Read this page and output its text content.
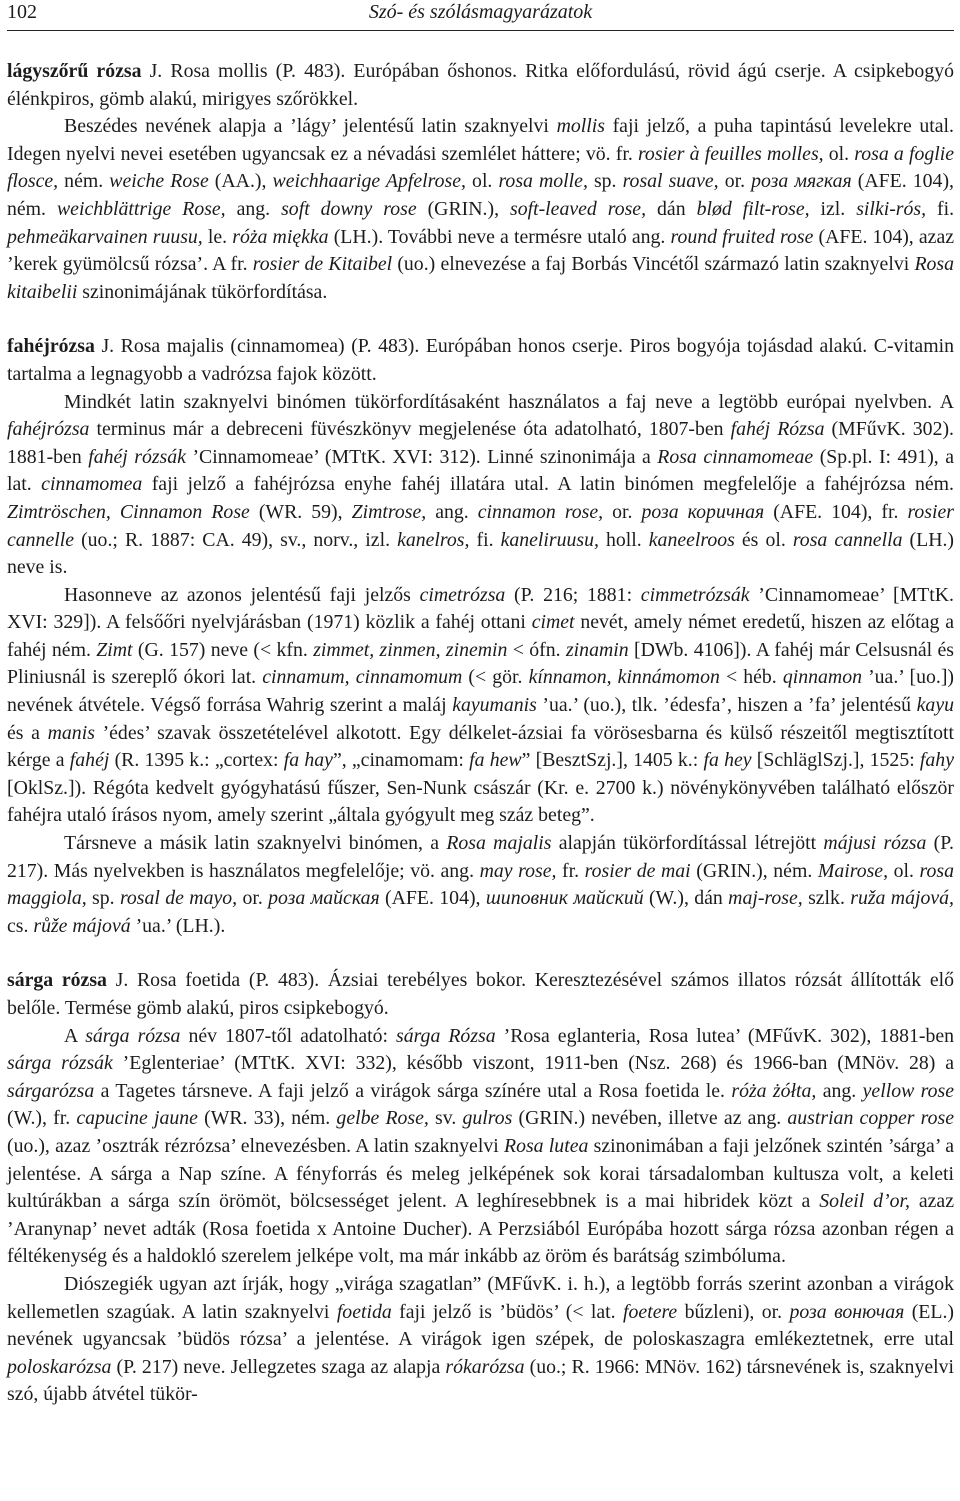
102	Szó- és szólásmagyarázatok

lágyszőrű rózsa J. Rosa mollis (P. 483). Európában őshonos. Ritka előfordulású, rövid ágú cserje. A csipkebogyó élénkpiros, gömb alakú, mirigyes szőrökkel.

Beszédes nevének alapja a ’lágy’ jelentésű latin szaknyelvi mollis faji jelző, a puha tapintású levelekre utal. Idegen nyelvi nevei esetében ugyancsak ez a névadási szemlélet háttere; vö. fr. rosier à feuilles molles, ol. rosa a foglie flosce, ném. weiche Rose (AA.), weichhaarige Apfelrose, ol. rosa molle, sp. rosal suave, or. роза мягкая (AFE. 104), ném. weichblättrige Rose, ang. soft downy rose (GRIN.), soft-leaved rose, dán blød filt-rose, izl. silki-rós, fi. pehmeäkarvainen ruusu, le. róża miękka (LH.). További neve a termésre utaló ang. round fruited rose (AFE. 104), azaz ’kerek gyümölcsű rózsa’. A fr. rosier de Kitaibel (uo.) elnevezése a faj Borbás Vincétől származó latin szaknyelvi Rosa kitaibelii szinonimájának tükörfordítása.

fahéjrózsa J. Rosa majalis (cinnamomea) (P. 483). Európában honos cserje. Piros bogyója tojásdad alakú. C-vitamin tartalma a legnagyobb a vadrózsa fajok között.

Mindkét latin szaknyelvi binómen tükörfordításaként használatos a faj neve a legtöbb európai nyelvben. A fahéjrózsa terminus már a debreceni füvészkönyv megjelenése óta adatolható, 1807-ben fahéj Rózsa (MFűvK. 302). 1881-ben fahéj rózsák ’Cinnamomeae’ (MTtK. XVI: 312). Linné szinonimája a Rosa cinnamomeae (Sp.pl. I: 491), a lat. cinnamomea faji jelző a fahéjrózsa enyhe fahéj illatára utal. A latin binómen megfelelője a fahéjrózsa ném. Zimtröschen, Cinnamon Rose (WR. 59), Zimtrose, ang. cinnamon rose, or. роза коричная (AFE. 104), fr. rosier cannelle (uo.; R. 1887: CA. 49), sv., norv., izl. kanelros, fi. kaneliruusu, holl. kaneelroos és ol. rosa cannella (LH.) neve is.

Hasonneve az azonos jelentésű faji jelzős cimetrózsa (P. 216; 1881: cimmetrózsák ’Cinnamomeae’ [MTtK. XVI: 329]). A felsőőri nyelvjárásban (1971) közlik a fahéj ottani cimet nevét, amely német eredetű, hiszen az előtag a fahéj ném. Zimt (G. 157) neve (< kfn. zimmet, zinmen, zinemin < ófn. zinamin [DWb. 4106]). A fahéj már Celsusnál és Pliniusnál is szereplő ókori lat. cinnamum, cinnamomum (< gör. kínnamon, kinnámomon < héb. qinnamon ’ua.’ [uo.]) nevének átvétele. Végső forrása Wahrig szerint a maláj kayumanis ’ua.’ (uo.), tlk. ’édesfa’, hiszen a ’fa’ jelentésű kayu és a manis ’édes’ szavak összetételével alkotott. Egy délkelet-ázsiai fa vörösesbarna és külső részeitől megtisztított kérge a fahéj (R. 1395 k.: „cortex: fa hay”, „cinamomam: fa hew” [BesztSzj.], 1405 k.: fa hey [SchläglSzj.], 1525: fahy [OklSz.]). Régóta kedvelt gyógyhatású fűszer, Sen-Nunk császár (Kr. e. 2700 k.) növénykönyvében található először fahéjra utaló írásos nyom, amely szerint „általa gyógyult meg száz beteg”.

Társneve a másik latin szaknyelvi binómen, a Rosa majalis alapján tükörfordítással létrejött májusi rózsa (P. 217). Más nyelvekben is használatos megfelelője; vö. ang. may rose, fr. rosier de mai (GRIN.), ném. Mairose, ol. rosa maggiola, sp. rosal de mayo, or. роза майская (AFE. 104), шиповник майский (W.), dán maj-rose, szlk. ruža májová, cs. růže májová ’ua.’ (LH.).

sárga rózsa J. Rosa foetida (P. 483). Ázsiai terebélyes bokor. Keresztezésével számos illatos rózsát állították elő belőle. Termése gömb alakú, piros csipkebogyó.

A sárga rózsa név 1807-től adatolható: sárga Rózsa ’Rosa eglanteria, Rosa lutea’ (MFűvK. 302), 1881-ben sárga rózsák ’Eglenteriae’ (MTtK. XVI: 332), később viszont, 1911-ben (Nsz. 268) és 1966-ban (MNöv. 28) a sárgarózsa a Tagetes társneve. A faji jelző a virágok sárga színére utal a Rosa foetida le. róża żółta, ang. yellow rose (W.), fr. capucine jaune (WR. 33), ném. gelbe Rose, sv. gulros (GRIN.) nevében, illetve az ang. austrian copper rose (uo.), azaz ’osztrák rézrózsa’ elnevezésben. A latin szaknyelvi Rosa lutea szinonimában a faji jelzőnek szintén ’sárga’ a jelentése. A sárga a Nap színe. A fényforrás és meleg jelképének sok korai társadalomban kultusza volt, a keleti kultúrákban a sárga szín örömöt, bölcsességet jelent. A leghíresebbnek is a mai hibridek közt a Soleil d’or, azaz ’Aranynap’ nevet adták (Rosa foetida x Antoine Ducher). A Perzsiából Európába hozott sárga rózsa azonban régen a féltékenység és a haldokló szerelem jelképe volt, ma már inkább az öröm és barátság szimbóluma.

Diószegiék ugyan azt írják, hogy „virága szagatlan” (MFűvK. i. h.), a legtöbb forrás szerint azonban a virágok kellemetlen szagúak. A latin szaknyelvi foetida faji jelző is ’büdös’ (< lat. foetere bűzleni), or. роза вонючая (EL.) nevének ugyancsak ’büdös rózsa’ a jelentése. A virágok igen szépek, de poloskaszagra emlékeztetnek, erre utal poloskarózsa (P. 217) neve. Jellegzetes szaga az alapja rókarózsa (uo.; R. 1966: MNöv. 162) társnevének is, szaknyelvi szó, újabb átvétel tükör-
